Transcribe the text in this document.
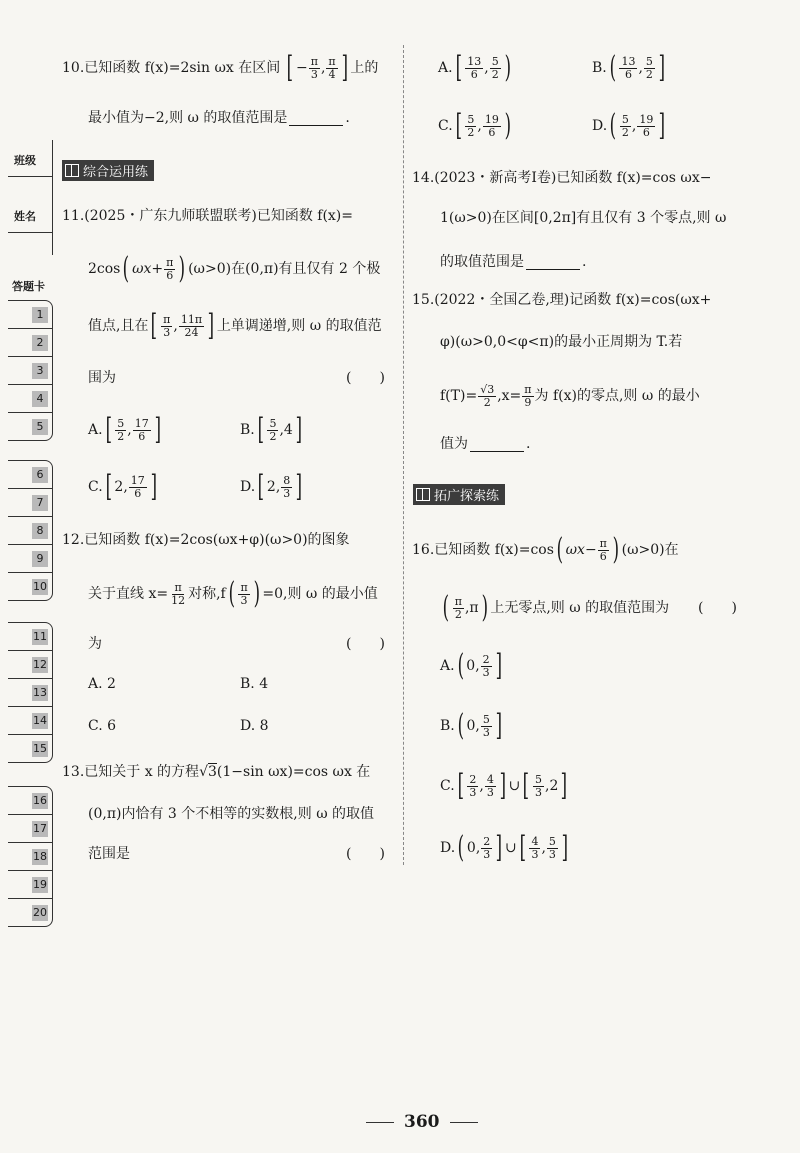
班级
姓名
答题卡
1
2
3
4
5
6
7
8
9
10
11
12
13
14
15
16
17
18
19
20
10.已知函数 f(x)=2sin ωx 在区间 [ − $\frac{\pi}{3}$ , $\frac{\pi}{4}$ ] 上的
最小值为−2,则 ω 的取值范围是	.
综合运用练
11.(2025・广东九师联盟联考)已知函数 f(x)=
2cos ( $\omega x + \frac{\pi}{6}$ ) (ω>0)在(0,π)有且仅有 2 个极
值点,且在 [ $\frac{\pi}{3}$ , $\frac{11\pi}{24}$ ] 上单调递增,则 ω 的取值范
围为	(　　)
A. [ $\frac{5}{2}$ , $\frac{17}{6}$ ]	B. [ $\frac{5}{2}$ , 4 ]
C. [ 2 , $\frac{17}{6}$ ]	D. [ 2 , $\frac{8}{3}$ ]
12.已知函数 f(x)=2cos(ωx+φ)(ω>0)的图象
关于直线 $x= \frac{\pi}{12}$ 对称,f ( $\frac{\pi}{3}$ ) =0,则 ω 的最小值
为	(　　)
A. 2	B. 4
C. 6	D. 8
13.已知关于 x 的方程 √3 (1−sin ωx)=cos ωx 在
(0,π)内恰有 3 个不相等的实数根,则 ω 的取值
范围是	(　　)
A. [ $\frac{13}{6}$ , $\frac{5}{2}$ )	B. ( $\frac{13}{6}$ , $\frac{5}{2}$ ]
C. [ $\frac{5}{2}$ , $\frac{19}{6}$ )	D. ( $\frac{5}{2}$ , $\frac{19}{6}$ ]
14.(2023・新高考Ⅰ卷)已知函数 f(x)=cos ωx−
1(ω>0)在区间[0,2π]有且仅有 3 个零点,则 ω
的取值范围是	.
15.(2022・全国乙卷,理)记函数 f(x)=cos(ωx+
φ)(ω>0,0<φ<π)的最小正周期为 T.若
$f(T)= \frac{√3}{2} ,x= \frac{\pi}{9}$ 为 f(x)的零点,则 ω 的最小
值为	.
拓广探索练
16.已知函数 f(x)=cos ( $\omega x - \frac{\pi}{6}$ ) (ω>0)在
( $\frac{\pi}{2} ,\pi$ ) 上无零点,则 ω 的取值范围为 (　　)
A. ( 0, $\frac{2}{3}$ ]
B. ( 0, $\frac{5}{3}$ ]
C. [ $\frac{2}{3}$ , $\frac{4}{3}$ ] ∪ [ $\frac{5}{3}$ , 2 ]
D. ( 0, $\frac{2}{3}$ ] ∪ [ $\frac{4}{3}$ , $\frac{5}{3}$ ]
360
